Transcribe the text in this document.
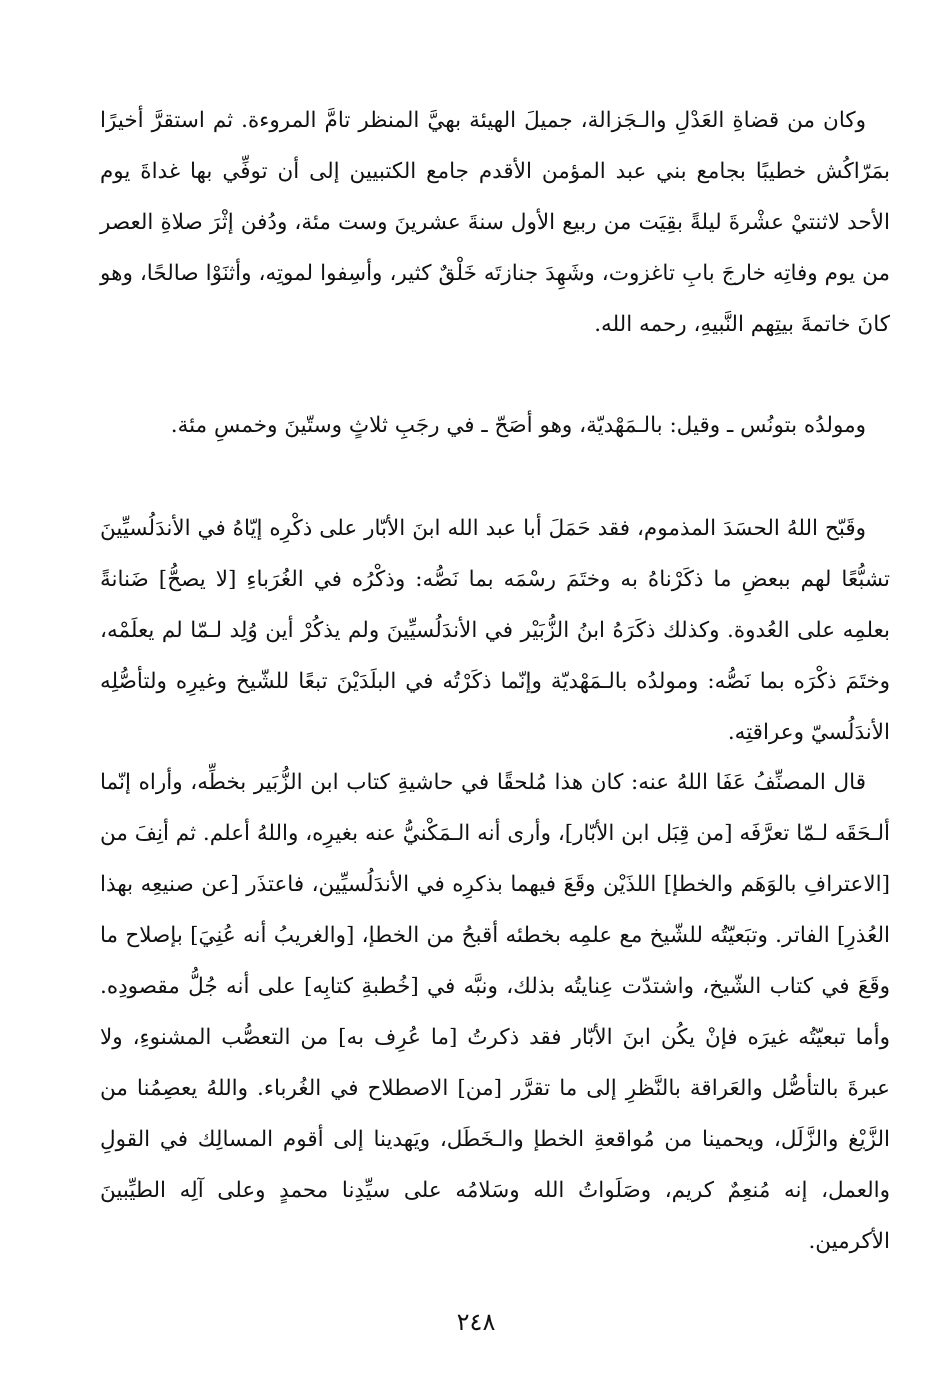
وكان من قضاةِ العَدْلِ والـجَزالة، جميلَ الهيئة بهيَّ المنظر تامَّ المروءة. ثم استقرَّ أخيرًا بمَرّاكُش خطيبًا بجامع بني عبد المؤمن الأقدم جامع الكتبيين إلى أن توفِّي بها غداةَ يوم الأحد لاثنتيْ عشْرةَ ليلةً بقِيَت من ربيع الأول سنةَ عشرينَ وست مئة، ودُفن إثْرَ صلاةِ العصر من يوم وفاتِه خارجَ بابِ تاغزوت، وشَهِدَ جنازتَه خَلْقٌ كثير، وأسِفوا لموتِه، وأثنَوْا صالحًا، وهو كانَ خاتمةَ بيتِهم النَّبيهِ، رحمه الله.

ومولدُه بتونُس ـ وقيل: بالـمَهْديّة، وهو أصَحّ ـ في رجَبِ ثلاثٍ وستّينَ وخمسِ مئة.

وقَبّح اللهُ الحسَدَ المذموم، فقد حَمَلَ أبا عبد الله ابنَ الأبّار على ذكْرِه إيّاهُ في الأندَلُسيِّينَ تشبُّعًا لهم ببعضِ ما ذكَرْناهُ به وختَمَ رسْمَه بما نَصُّه: وذكْرُه في الغُرَباءِ [لا يصحُّ] ضَنانةً بعلمِه على العُدوة. وكذلك ذكَرَهُ ابنُ الزُّبَيْر في الأندَلُسيِّينَ ولم يذكُرْ أين وُلِد لـمّا لم يعلَمْه، وختَمَ ذكْرَه بما نَصُّه: ومولدُه بالـمَهْديّة وإنّما ذكَرْتُه في البلَدَيْنَ تبعًا للشّيخ وغيرِه ولتأصُّلِه الأندَلُسيّ وعراقتِه.

قال المصنِّفُ عَفَا اللهُ عنه: كان هذا مُلحقًا في حاشيةِ كتاب ابن الزُّبَير بخطِّه، وأراه إنّما ألـحَقَه لـمّا تعرَّفَه [من قِبَل ابن الأبّار]، وأرى أنه الـمَكْنيُّ عنه بغيرِه، واللهُ أعلم. ثم أنِفَ من [الاعترافِ بالوَهَم والخطإ] اللذَيْن وقَعَ فيهما بذكرِه في الأندَلُسيِّين، فاعتذَر [عن صنيعِه بهذا العُذرِ] الفاتر. وتبَعيّتُه للشّيخ مع علمِه بخطئه أقبحُ من الخطإ، [والغريبُ أنه عُنِيَ] بإصلاح ما وقَعَ في كتاب الشّيخ، واشتدّت عِنايتُه بذلك، ونبَّه في [خُطبةِ كتابِه] على أنه جُلُّ مقصودِه. وأما تبعيّتُه غيرَه فإنْ يكُن ابنَ الأبّار فقد ذكرتُ [ما عُرِف به] من التعصُّب المشنوءِ، ولا عبرةَ بالتأصُّل والعَراقة بالنَّظرِ إلى ما تقرَّر [من] الاصطلاح في الغُرباء. واللهُ يعصِمُنا من الزَّيْغ والزَّلَل، ويحمينا من مُواقعةِ الخطإ والـخَطَل، ويَهدينا إلى أقوم المسالِك في القولِ والعمل، إنه مُنعِمٌ كريم، وصَلَواتُ الله وسَلامُه على سيِّدِنا محمدٍ وعلى آلِه الطيِّبينَ الأكرمين.

٢٤٨
